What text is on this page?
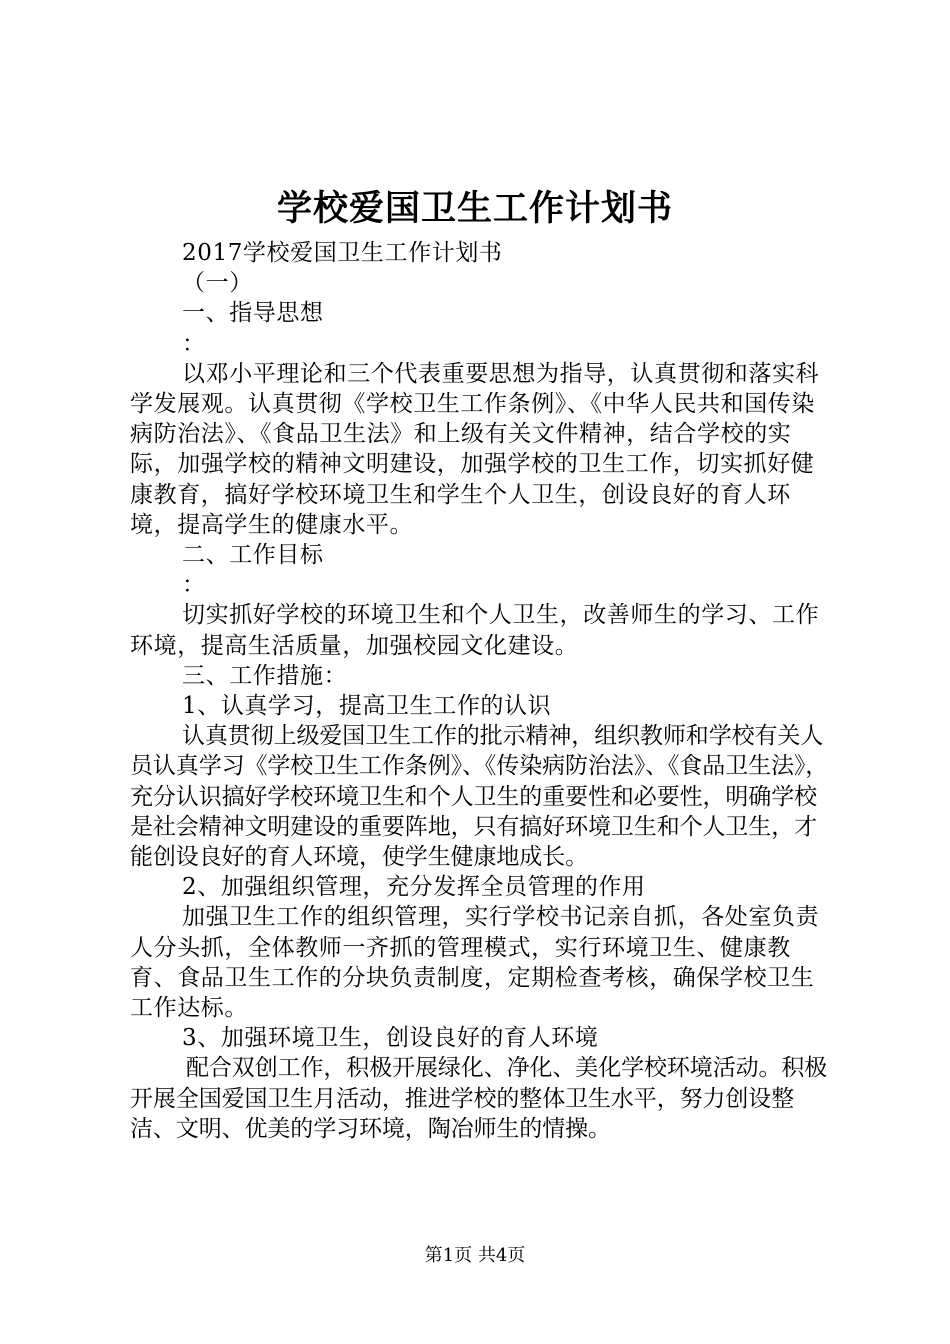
学校爱国卫生工作计划书

2017学校爱国卫生工作计划书

（一）

一、指导思想

：

以邓小平理论和三个代表重要思想为指导，认真贯彻和落实科学发展观。认真贯彻《学校卫生工作条例》、《中华人民共和国传染病防治法》、《食品卫生法》和上级有关文件精神，结合学校的实际，加强学校的精神文明建设，加强学校的卫生工作，切实抓好健康教育，搞好学校环境卫生和学生个人卫生，创设良好的育人环境，提高学生的健康水平。

二、工作目标

：

切实抓好学校的环境卫生和个人卫生，改善师生的学习、工作环境，提高生活质量，加强校园文化建设。

三、工作措施：

1、认真学习，提高卫生工作的认识

认真贯彻上级爱国卫生工作的批示精神，组织教师和学校有关人员认真学习《学校卫生工作条例》、《传染病防治法》、《食品卫生法》，充分认识搞好学校环境卫生和个人卫生的重要性和必要性，明确学校是社会精神文明建设的重要阵地，只有搞好环境卫生和个人卫生，才能创设良好的育人环境，使学生健康地成长。

2、加强组织管理，充分发挥全员管理的作用

加强卫生工作的组织管理，实行学校书记亲自抓，各处室负责人分头抓，全体教师一齐抓的管理模式，实行环境卫生、健康教育、食品卫生工作的分块负责制度，定期检查考核，确保学校卫生工作达标。

3、加强环境卫生，创设良好的育人环境

配合双创工作，积极开展绿化、净化、美化学校环境活动。积极开展全国爱国卫生月活动，推进学校的整体卫生水平，努力创设整洁、文明、优美的学习环境，陶冶师生的情操。

第1页 共4页
